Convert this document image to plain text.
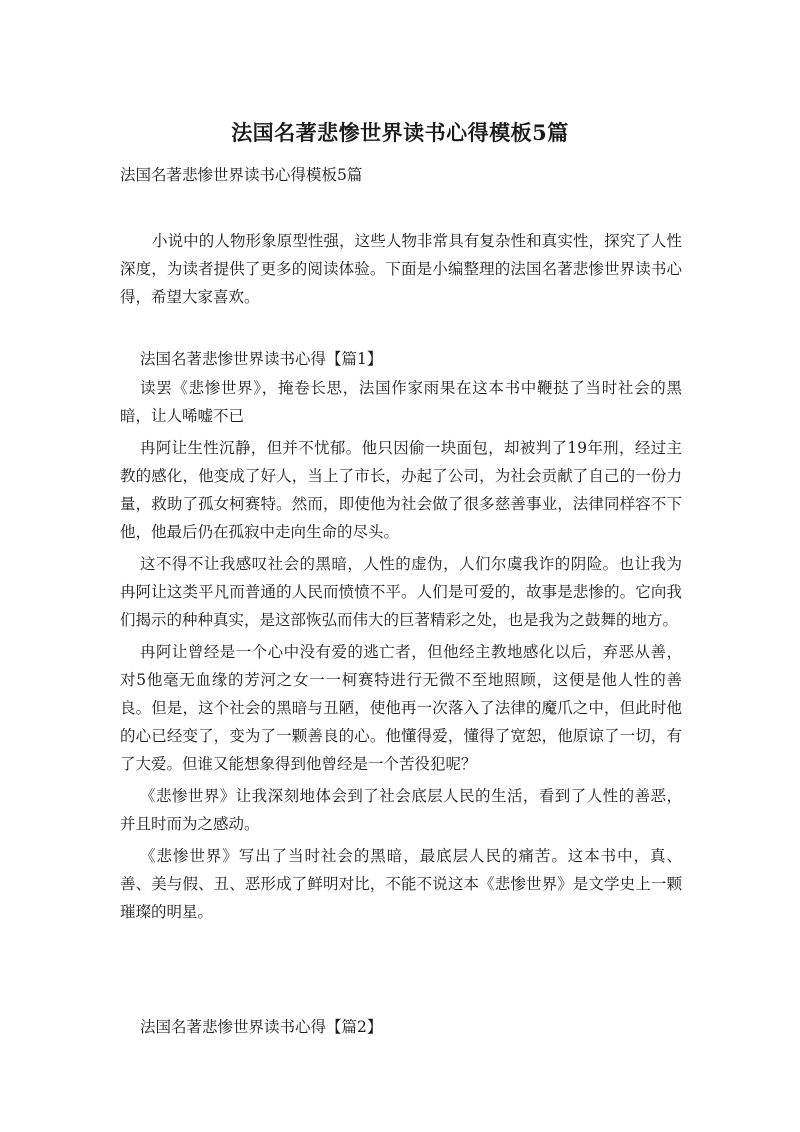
法国名著悲惨世界读书心得模板5篇
法国名著悲惨世界读书心得模板5篇
小说中的人物形象原型性强，这些人物非常具有复杂性和真实性，探究了人性深度，为读者提供了更多的阅读体验。下面是小编整理的法国名著悲惨世界读书心得，希望大家喜欢。

法国名著悲惨世界读书心得【篇1】

读罢《悲惨世界》，掩卷长思，法国作家雨果在这本书中鞭挞了当时社会的黑暗，让人唏嘘不已

冉阿让生性沉静，但并不忧郁。他只因偷一块面包，却被判了19年刑，经过主教的感化，他变成了好人，当上了市长，办起了公司，为社会贡献了自己的一份力量，救助了孤女柯赛特。然而，即使他为社会做了很多慈善事业，法律同样容不下他，他最后仍在孤寂中走向生命的尽头。

这不得不让我感叹社会的黑暗，人性的虚伪，人们尔虞我诈的阴险。也让我为冉阿让这类平凡而普通的人民而愤愤不平。人们是可爱的，故事是悲惨的。它向我们揭示的种种真实，是这部恢弘而伟大的巨著精彩之处，也是我为之鼓舞的地方。

冉阿让曾经是一个心中没有爱的逃亡者，但他经主教地感化以后，弃恶从善，对5他毫无血缘的芳河之女一一柯赛特进行无微不至地照顾，这便是他人性的善良。但是，这个社会的黑暗与丑陋，使他再一次落入了法律的魔爪之中，但此时他的心已经变了，变为了一颗善良的心。他懂得爱，懂得了宽恕，他原谅了一切，有了大爱。但谁又能想象得到他曾经是一个苦役犯呢？

《悲惨世界》让我深刻地体会到了社会底层人民的生活，看到了人性的善恶，并且时而为之感动。

《悲惨世界》写出了当时社会的黑暗，最底层人民的痛苦。这本书中，真、善、美与假、丑、恶形成了鲜明对比，不能不说这本《悲惨世界》是文学史上一颗璀璨的明星。

法国名著悲惨世界读书心得【篇2】
